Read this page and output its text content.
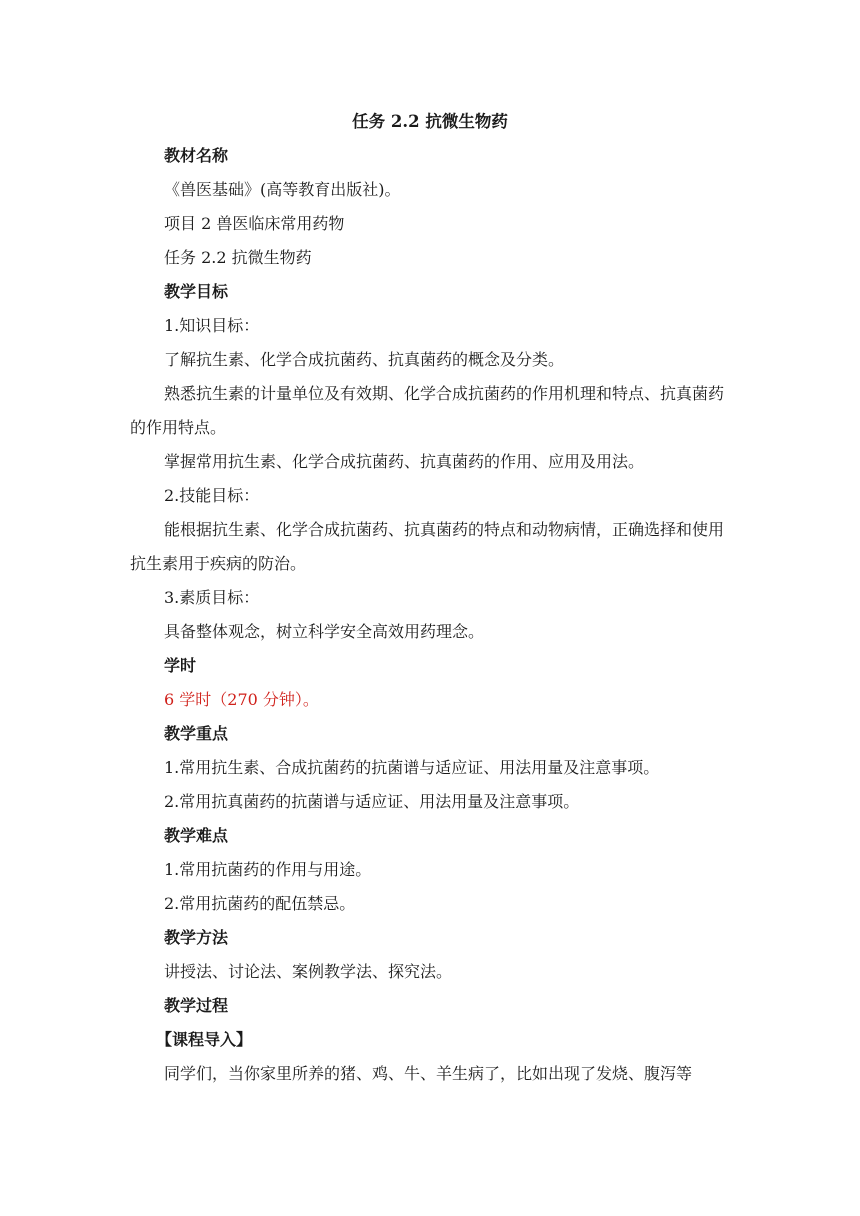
任务 2.2 抗微生物药
教材名称
《兽医基础》(高等教育出版社)。
项目 2 兽医临床常用药物
任务 2.2 抗微生物药
教学目标
1.知识目标：
了解抗生素、化学合成抗菌药、抗真菌药的概念及分类。

熟悉抗生素的计量单位及有效期、化学合成抗菌药的作用机理和特点、抗真菌药的作用特点。

掌握常用抗生素、化学合成抗菌药、抗真菌药的作用、应用及用法。
2.技能目标：

能根据抗生素、化学合成抗菌药、抗真菌药的特点和动物病情，正确选择和使用抗生素用于疾病的防治。

3.素质目标：
具备整体观念，树立科学安全高效用药理念。
学时
6 学时（270 分钟）。
教学重点
1.常用抗生素、合成抗菌药的抗菌谱与适应证、用法用量及注意事项。
2.常用抗真菌药的抗菌谱与适应证、用法用量及注意事项。
教学难点
1.常用抗菌药的作用与用途。
2.常用抗菌药的配伍禁忌。
教学方法
讲授法、讨论法、案例教学法、探究法。
教学过程
【课程导入】
同学们，当你家里所养的猪、鸡、牛、羊生病了，比如出现了发烧、腹泻等
